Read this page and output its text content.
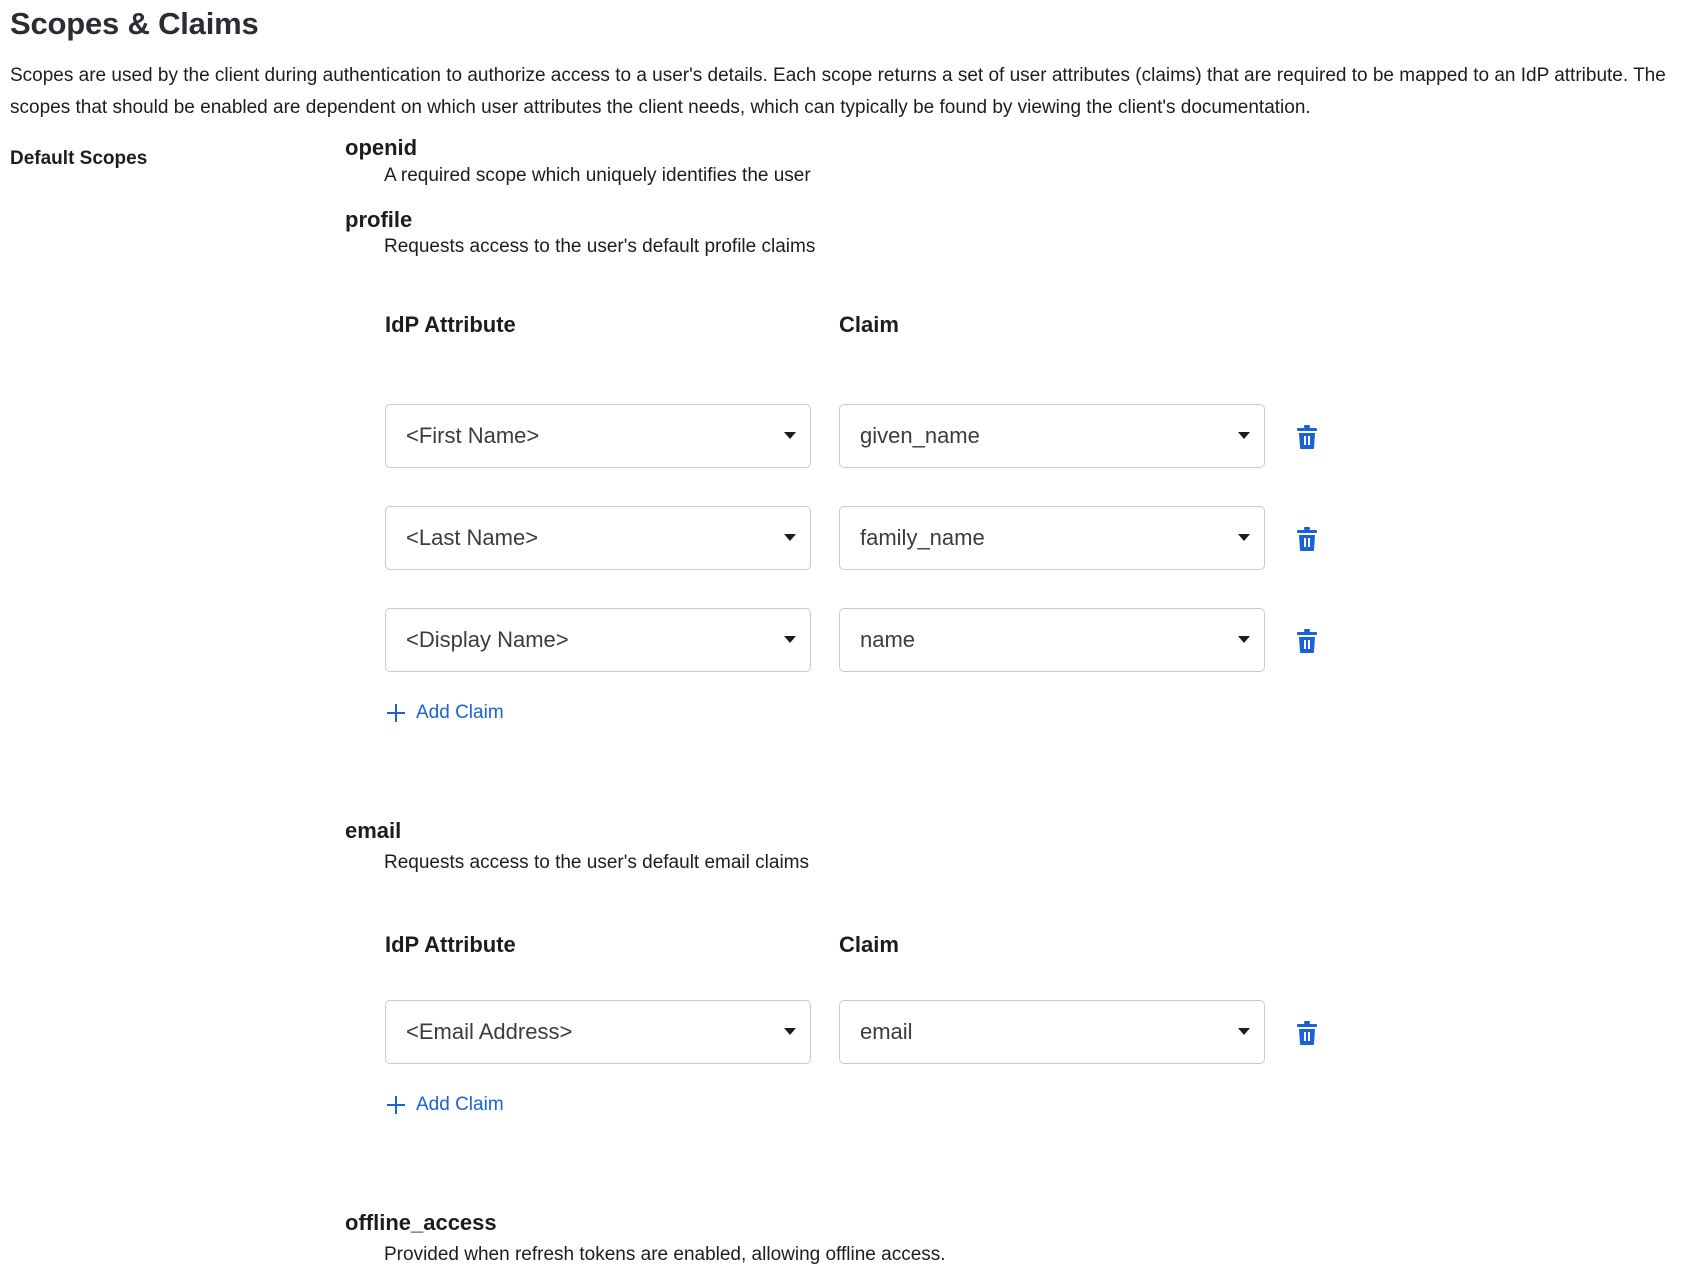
Scopes & Claims

Scopes are used by the client during authentication to authorize access to a user's details. Each scope returns a set of user attributes (claims) that are required to be mapped to an IdP attribute. The scopes that should be enabled are dependent on which user attributes the client needs, which can typically be found by viewing the client's documentation.

Default Scopes	openid
A required scope which uniquely identifies the user
profile
Requests access to the user's default profile claims
IdP Attribute	Claim
<First Name>	given_name
<Last Name>	family_name
<Display Name>	name
Add Claim
email
Requests access to the user's default email claims
IdP Attribute	Claim
<Email Address>	email
Add Claim
offline_access
Provided when refresh tokens are enabled, allowing offline access.
